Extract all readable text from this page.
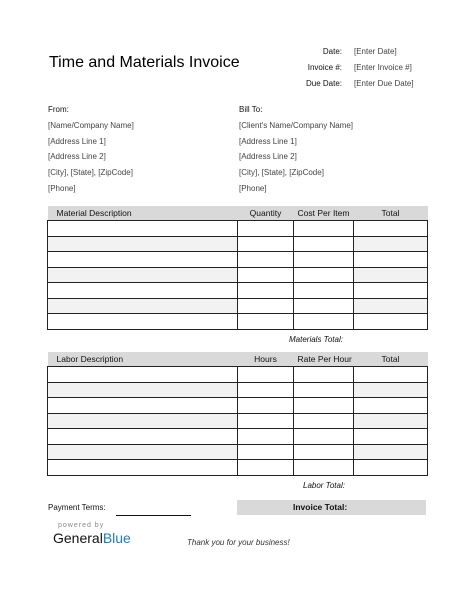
Time and Materials Invoice
Date: [Enter Date]
Invoice #: [Enter Invoice #]
Due Date: [Enter Due Date]
From:
[Name/Company Name]
[Address Line 1]
[Address Line 2]
[City], [State], [ZipCode]
[Phone]
Bill To:
[Client's Name/Company Name]
[Address Line 1]
[Address Line 2]
[City], [State], [ZipCode]
[Phone]
Material Description	Quantity	Cost Per Item	Total

Materials Total:
Labor Description	Hours	Rate Per Hour	Total

Labor Total:
Payment Terms:	Invoice Total:
powered by
GeneralBlue	Thank you for your business!
